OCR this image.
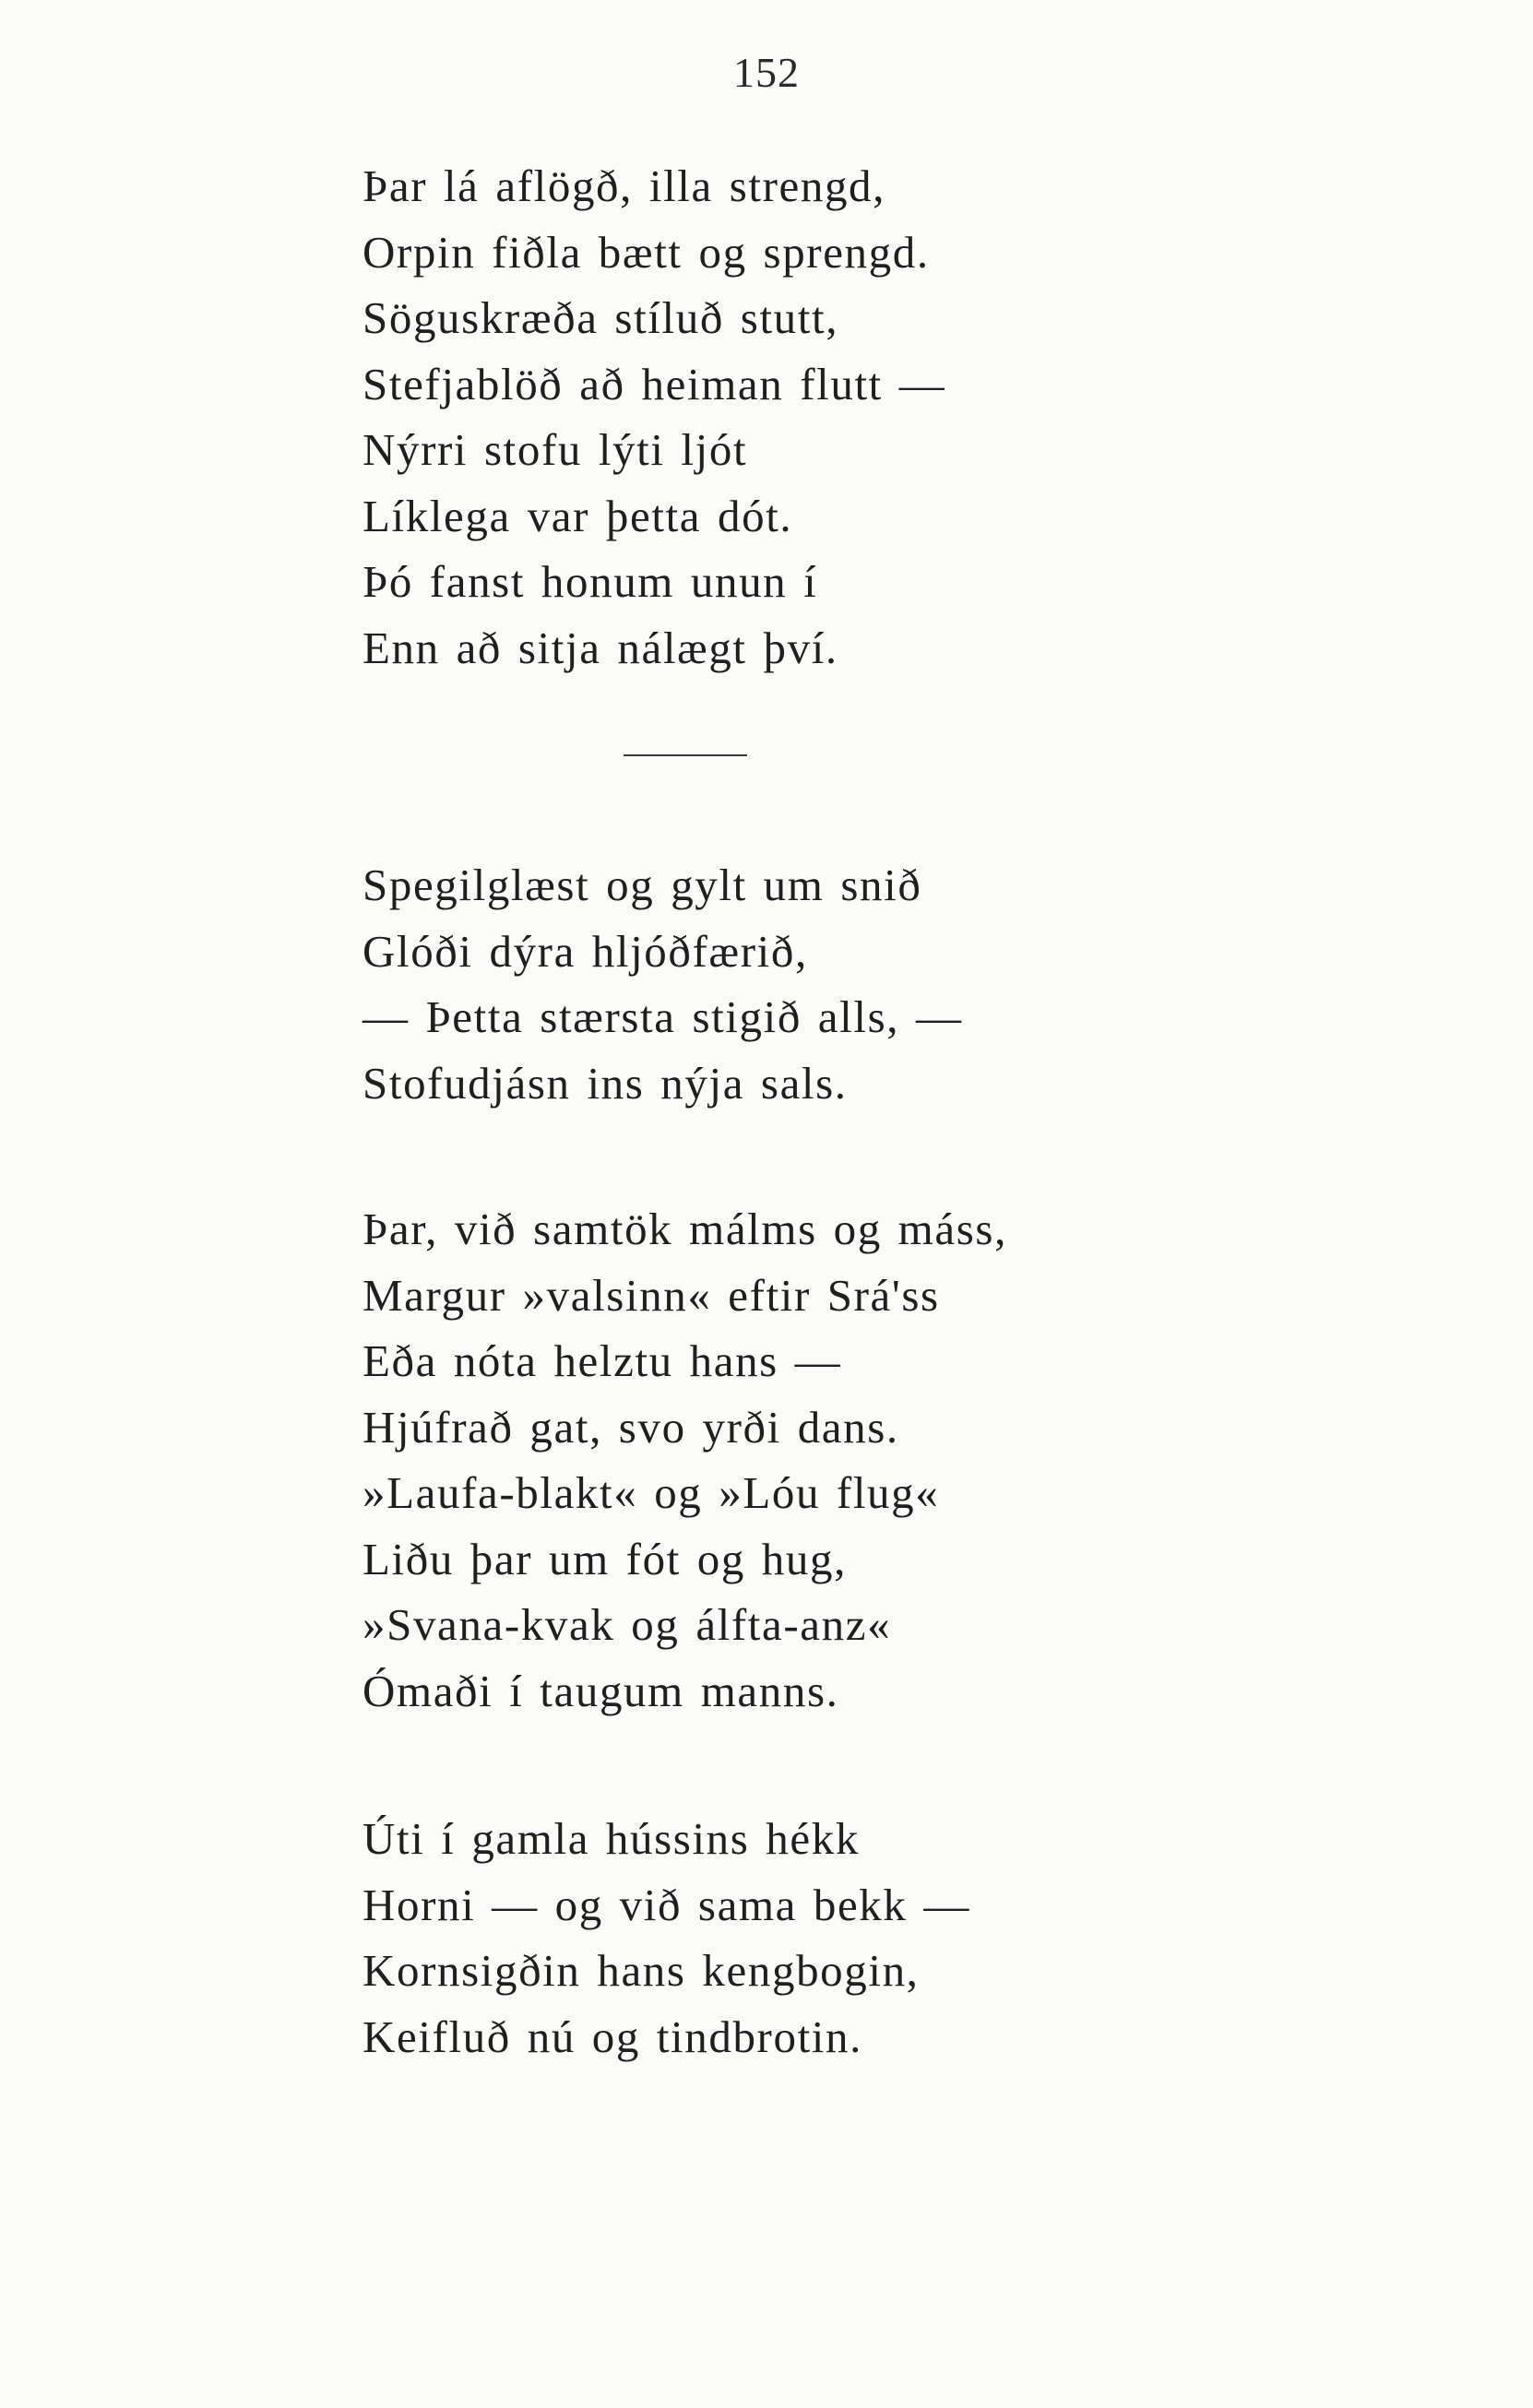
152
Þar lá aflögð, illa strengd,
Orpin fiðla bætt og sprengd.
Söguskræða stíluð stutt,
Stefjablöð að heiman flutt —
Nýrri stofu lýti ljót
Líklega var þetta dót.
Þó fanst honum unun í
Enn að sitja nálægt því.
Spegilglæst og gylt um snið
Glóði dýra hljóðfærið,
— Þetta stærsta stigið alls, —
Stofudjásn ins nýja sals.
Þar, við samtök málms og máss,
Margur »valsinn« eftir Srá'ss
Eða nóta helztu hans —
Hjúfrað gat, svo yrði dans.
»Laufa-blakt« og »Lóu flug«
Liðu þar um fót og hug,
»Svana-kvak og álfta-anz«
Ómaði í taugum manns.
Úti í gamla hússins hékk
Horni — og við sama bekk —
Kornsigðin hans kengbogin,
Keifluð nú og tindbrotin.
